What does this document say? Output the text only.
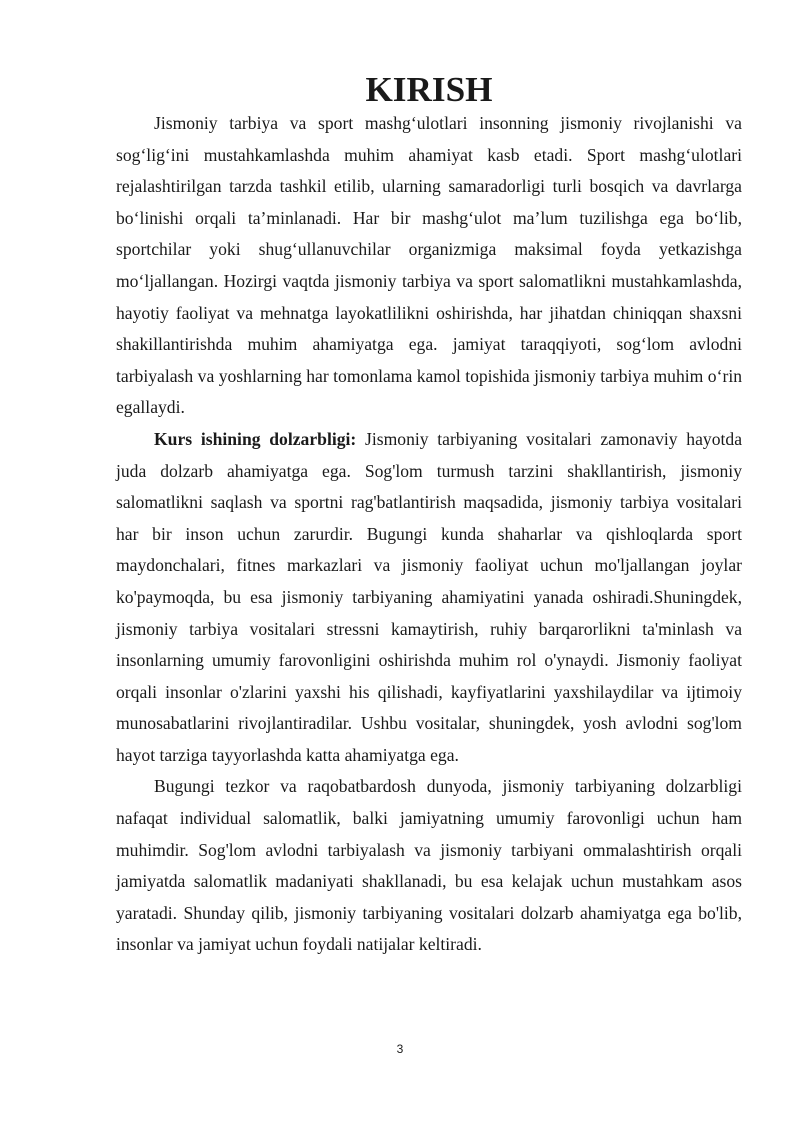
KIRISH

Jismoniy tarbiya va sport mashg‘ulotlari insonning jismoniy rivojlanishi va sog‘lig‘ini mustahkamlashda muhim ahamiyat kasb etadi. Sport mashg‘ulotlari rejalashtirilgan tarzda tashkil etilib, ularning samaradorligi turli bosqich va davrlarga bo‘linishi orqali ta’minlanadi. Har bir mashg‘ulot ma’lum tuzilishga ega bo‘lib, sportchilar yoki shug‘ullanuvchilar organizmiga maksimal foyda yetkazishga mo‘ljallangan. Hozirgi vaqtda jismoniy tarbiya va sport salomatlikni mustahkamlashda, hayotiy faoliyat va mehnatga layokatlilikni oshirishda, har jihatdan chiniqqan shaxsni shakillantirishda muhim ahamiyatga ega. jamiyat taraqqiyoti, sog‘lom avlodni tarbiyalash va yoshlarning har tomonlama kamol topishida jismoniy tarbiya muhim o‘rin egallaydi.

Kurs ishining dolzarbligi: Jismoniy tarbiyaning vositalari zamonaviy hayotda juda dolzarb ahamiyatga ega. Sog'lom turmush tarzini shakllantirish, jismoniy salomatlikni saqlash va sportni rag'batlantirish maqsadida, jismoniy tarbiya vositalari har bir inson uchun zarurdir. Bugungi kunda shaharlar va qishloqlarda sport maydonchalari, fitnes markazlari va jismoniy faoliyat uchun mo'ljallangan joylar ko'paymoqda, bu esa jismoniy tarbiyaning ahamiyatini yanada oshiradi.Shuningdek, jismoniy tarbiya vositalari stressni kamaytirish, ruhiy barqarorlikni ta'minlash va insonlarning umumiy farovonligini oshirishda muhim rol o'ynaydi. Jismoniy faoliyat orqali insonlar o'zlarini yaxshi his qilishadi, kayfiyatlarini yaxshilaydilar va ijtimoiy munosabatlarini rivojlantiradilar. Ushbu vositalar, shuningdek, yosh avlodni sog'lom hayot tarziga tayyorlashda katta ahamiyatga ega.

Bugungi tezkor va raqobatbardosh dunyoda, jismoniy tarbiyaning dolzarbligi nafaqat individual salomatlik, balki jamiyatning umumiy farovonligi uchun ham muhimdir. Sog'lom avlodni tarbiyalash va jismoniy tarbiyani ommalashtirish orqali jamiyatda salomatlik madaniyati shakllanadi, bu esa kelajak uchun mustahkam asos yaratadi. Shunday qilib, jismoniy tarbiyaning vositalari dolzarb ahamiyatga ega bo'lib, insonlar va jamiyat uchun foydali natijalar keltiradi.

3
